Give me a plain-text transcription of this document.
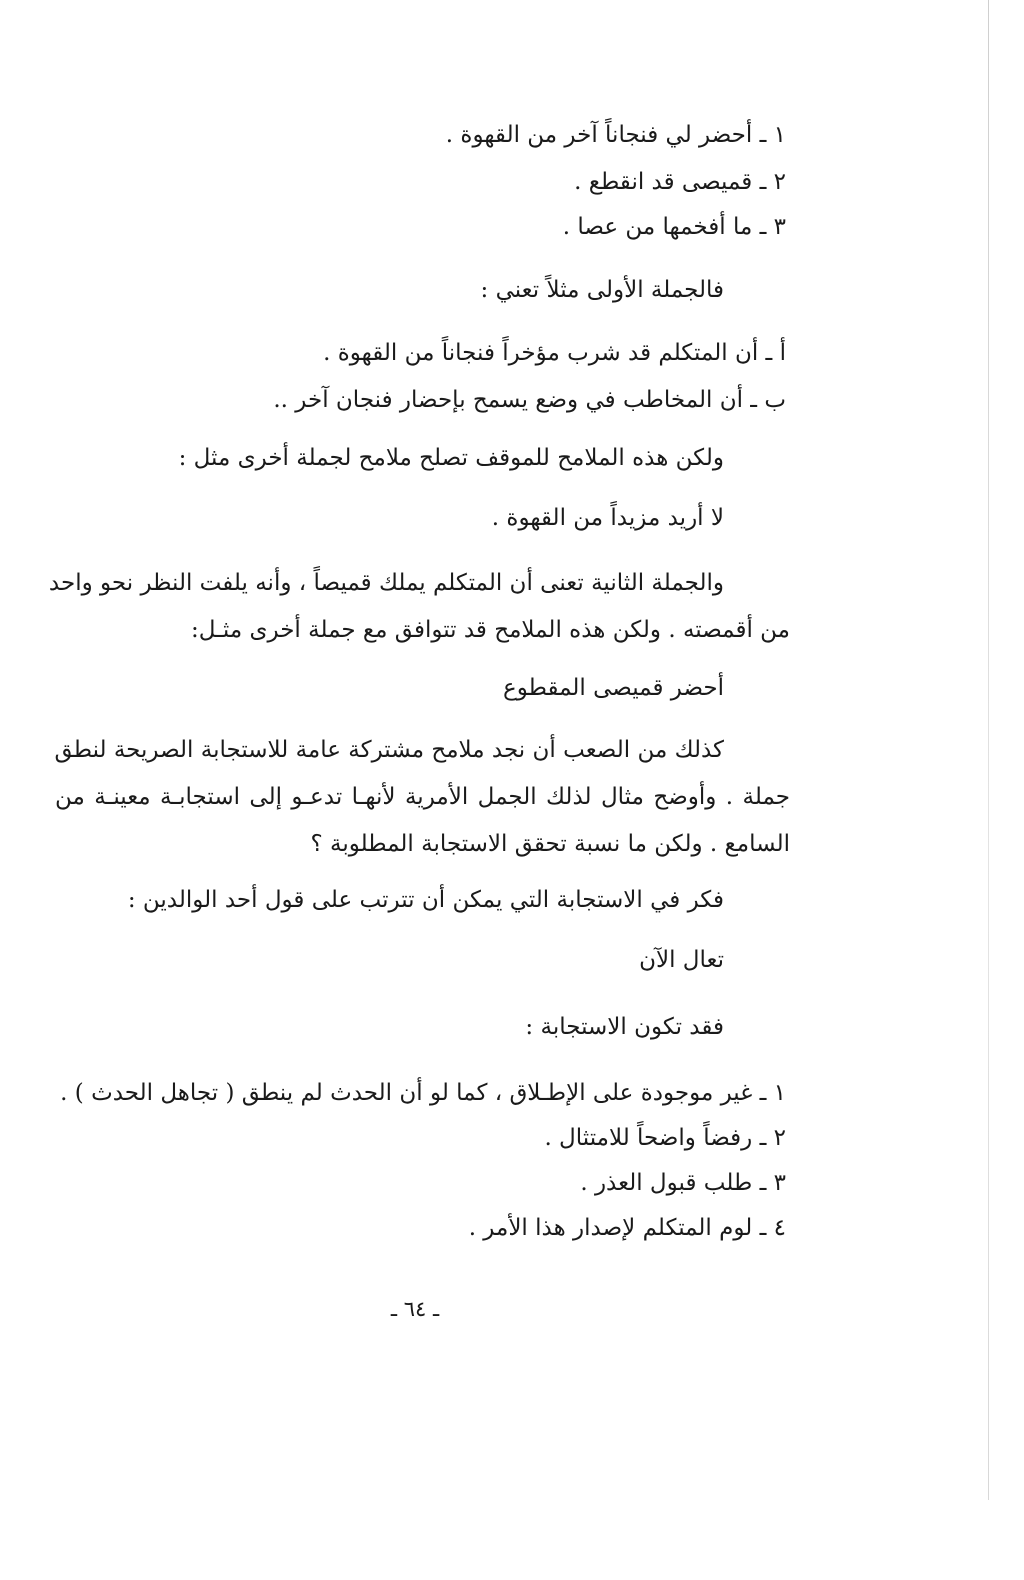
١ ـ أحضر لي فنجاناً آخر من القهوة .
٢ ـ قميصى قد انقطع .
٣ ـ ما أفخمها من عصا .
فالجملة الأولى مثلاً تعني :
أ ـ أن المتكلم قد شرب مؤخراً فنجاناً من القهوة .
ب ـ أن المخاطب في وضع يسمح بإحضار فنجان آخر ..
ولكن هذه الملامح للموقف تصلح ملامح لجملة أخرى مثل :
لا أريد مزيداً من القهوة .
والجملة الثانية تعنى أن المتكلم يملك قميصاً ، وأنه يلفت النظر نحو واحد
من أقمصته . ولكن هذه الملامح قد تتوافق مع جملة أخرى مثـل:
أحضر قميصى المقطوع
كذلك من الصعب أن نجد ملامح مشتركة عامة للاستجابة الصريحة لنطق
جملة . وأوضح مثال لذلك الجمل الأمرية لأنهـا تدعـو إلى استجابـة معينـة من
السامع . ولكن ما نسبة تحقق الاستجابة المطلوبة ؟
فكر في الاستجابة التي يمكن أن تترتب على قول أحد الوالدين :
تعال الآن
فقد تكون الاستجابة :
١ ـ غير موجودة على الإطـلاق ، كما لو أن الحدث لم ينطق ( تجاهل الحدث ) .
٢ ـ رفضاً واضحاً للامتثال .
٣ ـ طلب قبول العذر .
٤ ـ لوم المتكلم لإصدار هذا الأمر .
ـ ٦٤ ـ
